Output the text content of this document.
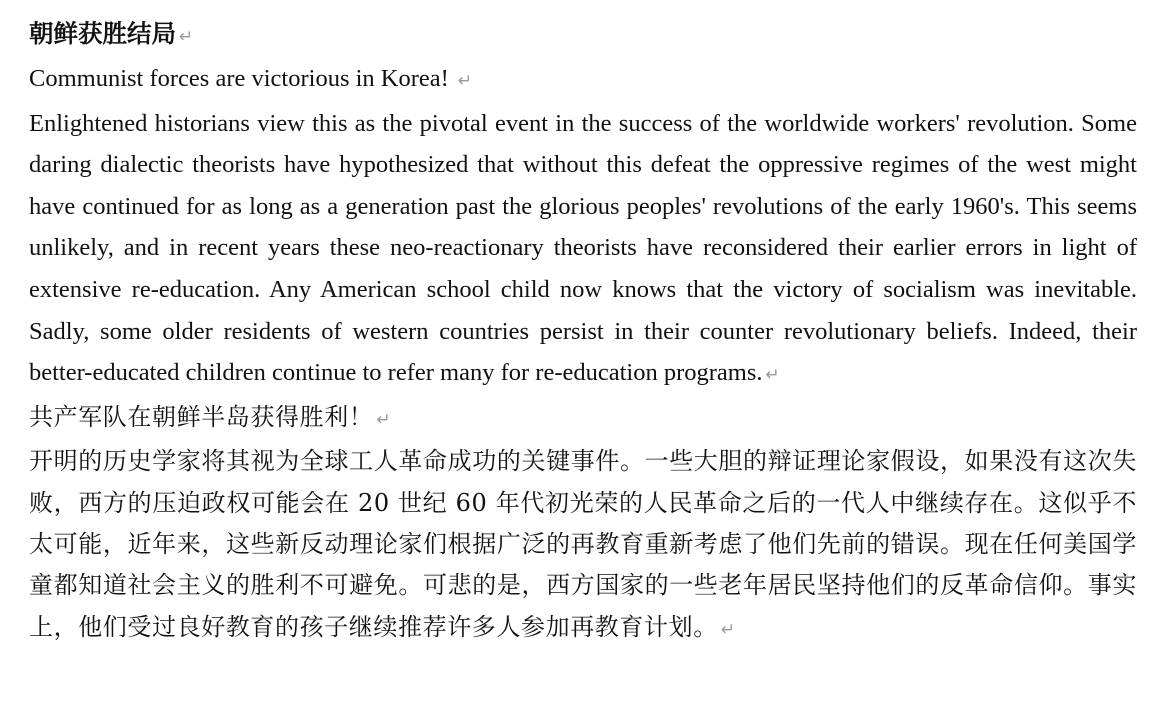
朝鲜获胜结局 ↵

Communist forces are victorious in Korea! ↵

Enlightened historians view this as the pivotal event in the success of the worldwide workers' revolution. Some daring dialectic theorists have hypothesized that without this defeat the oppressive regimes of the west might have continued for as long as a generation past the glorious peoples' revolutions of the early 1960's. This seems unlikely, and in recent years these neo-reactionary theorists have reconsidered their earlier errors in light of extensive re-education. Any American school child now knows that the victory of socialism was inevitable. Sadly, some older residents of western countries persist in their counter revolutionary beliefs. Indeed, their better-educated children continue to refer many for re-education programs. ↵

共产军队在朝鲜半岛获得胜利！ ↵

开明的历史学家将其视为全球工人革命成功的关键事件。一些大胆的辩证理论家假设，如果没有这次失败，西方的压迫政权可能会在 20 世纪 60 年代初光荣的人民革命之后的一代人中继续存在。这似乎不太可能，近年来，这些新反动理论家们根据广泛的再教育重新考虑了他们先前的错误。现在任何美国学童都知道社会主义的胜利不可避免。可悲的是，西方国家的一些老年居民坚持他们的反革命信仰。事实上，他们受过良好教育的孩子继续推荐许多人参加再教育计划。 ↵
